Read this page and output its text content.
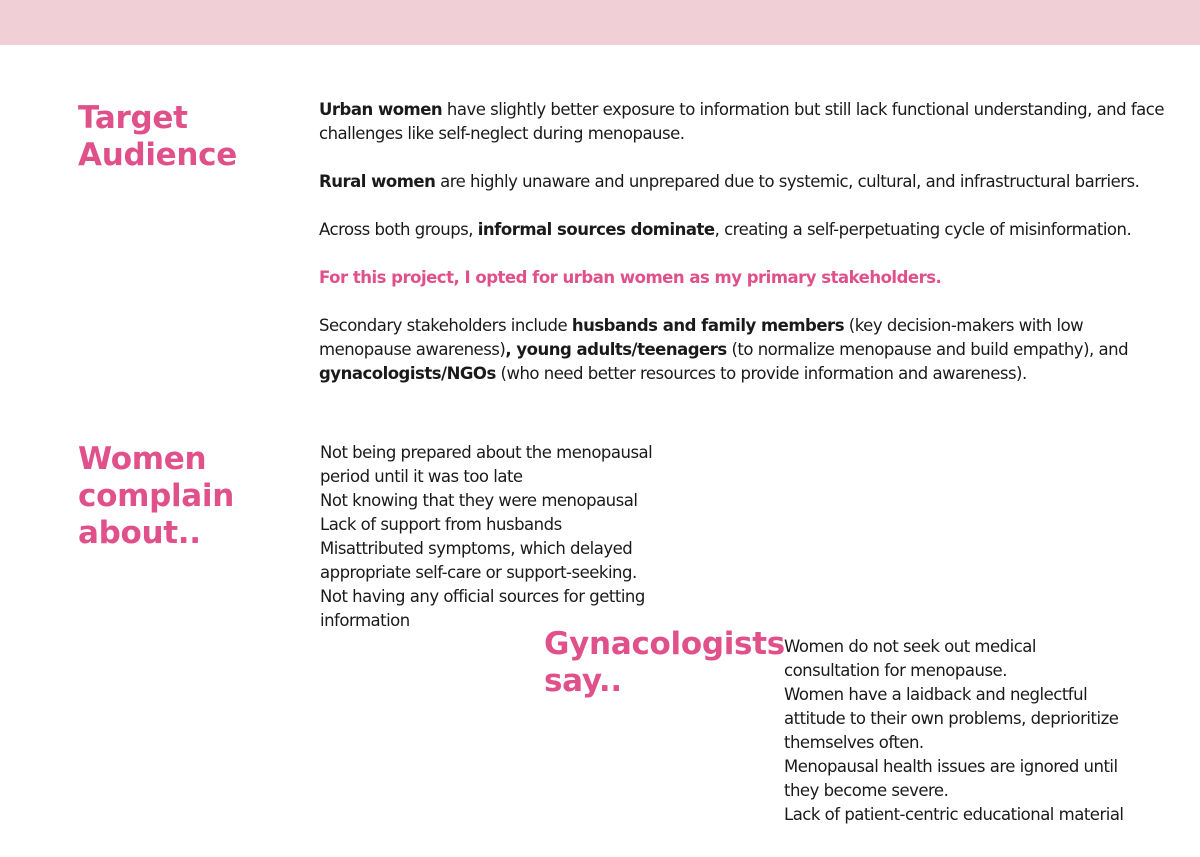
Target
Audience

Urban women have slightly better exposure to information but still lack functional understanding, and face challenges like self-neglect during menopause.

Rural women are highly unaware and unprepared due to systemic, cultural, and infrastructural barriers.

Across both groups, informal sources dominate, creating a self-perpetuating cycle of misinformation.

For this project, I opted for urban women as my primary stakeholders.

Secondary stakeholders include husbands and family members (key decision-makers with low menopause awareness), young adults/teenagers (to normalize menopause and build empathy), and gynacologists/NGOs (who need better resources to provide information and awareness).

Women
complain
about..
Not being prepared about the menopausal
period until it was too late
Not knowing that they were menopausal
Lack of support from husbands
Misattributed symptoms, which delayed
appropriate self-care or support-seeking.
Not having any official sources for getting
information
Gynacologists
say..
Women do not seek out medical
consultation for menopause.
Women have a laidback and neglectful
attitude to their own problems, deprioritize
themselves often.
Menopausal health issues are ignored until
they become severe.
Lack of patient-centric educational material
